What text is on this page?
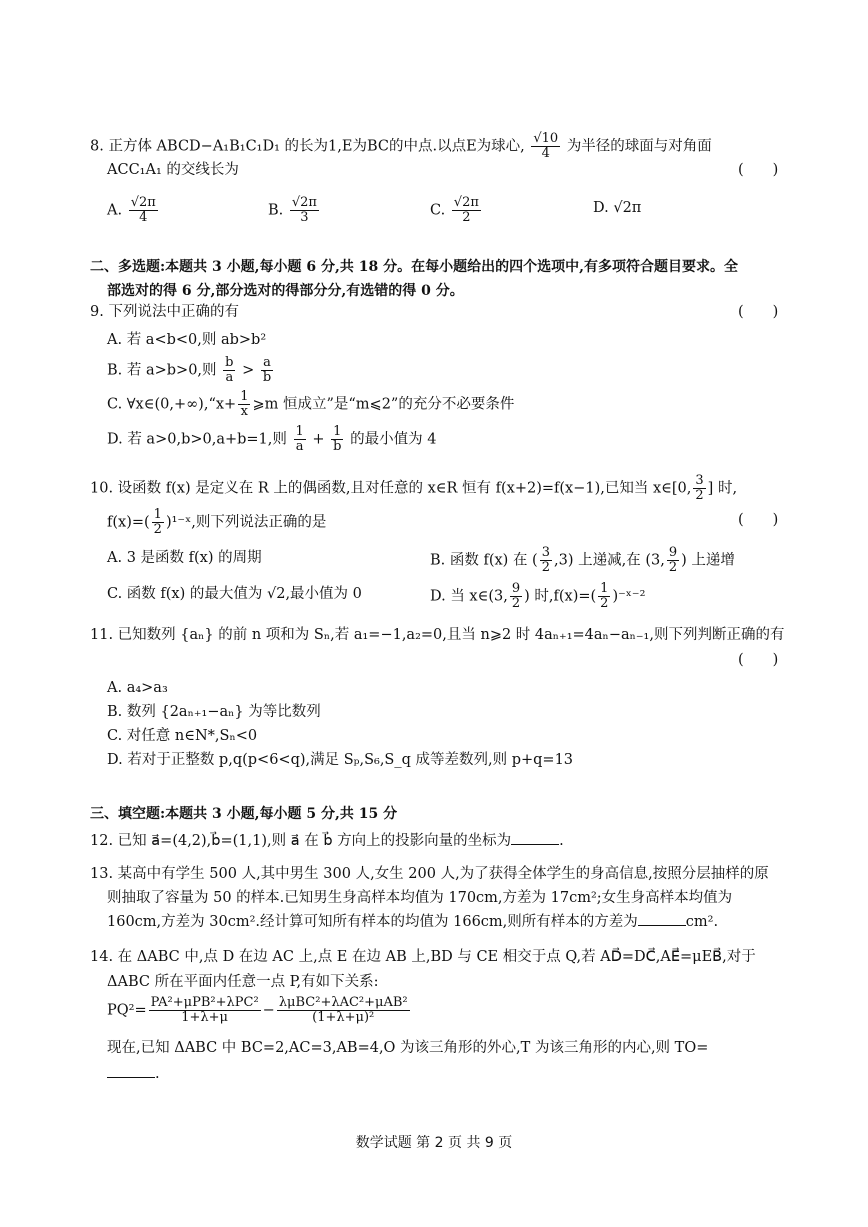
8. 正方体 ABCD−A₁B₁C₁D₁ 的长为1,E为BC的中点.以点E为球心, $\frac{√10}{4}$ 为半径的球面与对角面
ACC₁A₁ 的交线长为	(　　)
A. $\frac{√2\pi}{4}$	B. $\frac{√2\pi}{3}$	C. $\frac{√2\pi}{2}$	D. √2π
二、多选题:本题共 3 小题,每小题 6 分,共 18 分。在每小题给出的四个选项中,有多项符合题目要求。全
部选对的得 6 分,部分选对的得部分分,有选错的得 0 分。
9. 下列说法中正确的有	(　　)
A. 若 a<b<0,则 ab>b²
B. 若 a>b>0,则 $\frac{b}{a} > \frac{a}{b}$
C. ∀x∈(0,+∞),“x+ $\frac{1}{x}$ ⩾m 恒成立”是“m⩽2”的充分不必要条件
D. 若 a>0,b>0,a+b=1,则 $\frac{1}{a} + \frac{1}{b}$ 的最小值为 4
10. 设函数 f(x) 是定义在 R 上的偶函数,且对任意的 x∈R 恒有 f(x+2)=f(x−1),已知当 x∈[0, $\frac{3}{2}$ ] 时,
$f(x)=( \frac{1}{2}$ )¹⁻ˣ,则下列说法正确的是	(　　)
A. 3 是函数 f(x) 的周期	B. 函数 f(x) 在 ( $\frac{3}{2} ,3$) 上递减,在 (3, $\frac{9}{2}$ ) 上递增
C. 函数 f(x) 的最大值为 √2,最小值为 0	D. 当 x∈(3, $\frac{9}{2}$ ) 时$,f(x)=( \frac{1}{2}$ )⁻ˣ⁻²
11. 已知数列 {aₙ} 的前 n 项和为 Sₙ,若 a₁=−1,a₂=0,且当 n⩾2 时 4aₙ₊₁=4aₙ−aₙ₋₁,则下列判断正确的有
(　　)
A. a₄>a₃
B. 数列 {2aₙ₊₁−aₙ} 为等比数列
C. 对任意 n∈N*,Sₙ<0
D. 若对于正整数 p,q(p<6<q),满足 Sₚ,S₆,S_q 成等差数列,则 p+q=13
三、填空题:本题共 3 小题,每小题 5 分,共 15 分
12. 已知 a⃗=(4,2),b⃗=(1,1),则 a⃗ 在 b⃗ 方向上的投影向量的坐标为	.
13. 某高中有学生 500 人,其中男生 300 人,女生 200 人,为了获得全体学生的身高信息,按照分层抽样的原
则抽取了容量为 50 的样本.已知男生身高样本均值为 170cm,方差为 17cm²;女生身高样本均值为
160cm,方差为 30cm².经计算可知所有样本的均值为 166cm,则所有样本的方差为	cm².
14. 在 ΔABC 中,点 D 在边 AC 上,点 E 在边 AB 上,BD 与 CE 相交于点 Q,若 AD⃗=DC⃗,AE⃗=μEB⃗,对于
ΔABC 所在平面内任意一点 P,有如下关系:
$PQ^2= \frac{\text{PA²+μPB²+λPC²}}{1+\lambda+\mu} - \frac{\text{λμBC²+λAC²+μAB²}}{\text{(1+λ+μ)²}}$
现在,已知 ΔABC 中 BC=2,AC=3,AB=4,O 为该三角形的外心,T 为该三角形的内心,则 TO=
.
数学试题 第 2 页 共 9 页
